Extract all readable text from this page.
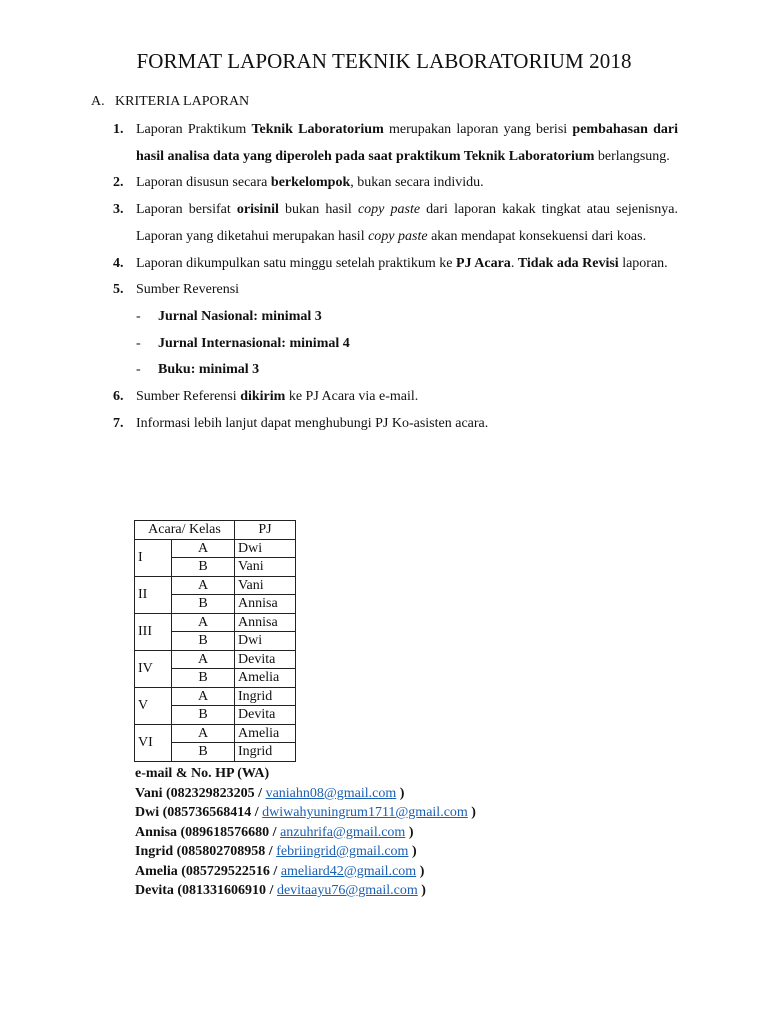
FORMAT LAPORAN TEKNIK LABORATORIUM 2018
A. KRITERIA LAPORAN
1. Laporan Praktikum Teknik Laboratorium merupakan laporan yang berisi pembahasan dari hasil analisa data yang diperoleh pada saat praktikum Teknik Laboratorium berlangsung.
2. Laporan disusun secara berkelompok, bukan secara individu.
3. Laporan bersifat orisinil bukan hasil copy paste dari laporan kakak tingkat atau sejenisnya. Laporan yang diketahui merupakan hasil copy paste akan mendapat konsekuensi dari koas.
4. Laporan dikumpulkan satu minggu setelah praktikum ke PJ Acara. Tidak ada Revisi laporan.
5. Sumber Reverensi
- Jurnal Nasional: minimal 3
- Jurnal Internasional: minimal 4
- Buku: minimal 3
6. Sumber Referensi dikirim ke PJ Acara via e-mail.
7. Informasi lebih lanjut dapat menghubungi PJ Ko-asisten acara.
Acara/ Kelas		PJ
I	A	Dwi
	B	Vani
II	A	Vani
	B	Annisa
III	A	Annisa
	B	Dwi
IV	A	Devita
	B	Amelia
V	A	Ingrid
	B	Devita
VI	A	Amelia
	B	Ingrid
e-mail & No. HP (WA)
Vani (082329823205 / vaniahn08@gmail.com )
Dwi (085736568414 / dwiwahyuningrum1711@gmail.com )
Annisa (089618576680 / anzuhrifa@gmail.com )
Ingrid (085802708958 / febriingrid@gmail.com )
Amelia (085729522516 / ameliard42@gmail.com )
Devita (081331606910 / devitaayu76@gmail.com )
